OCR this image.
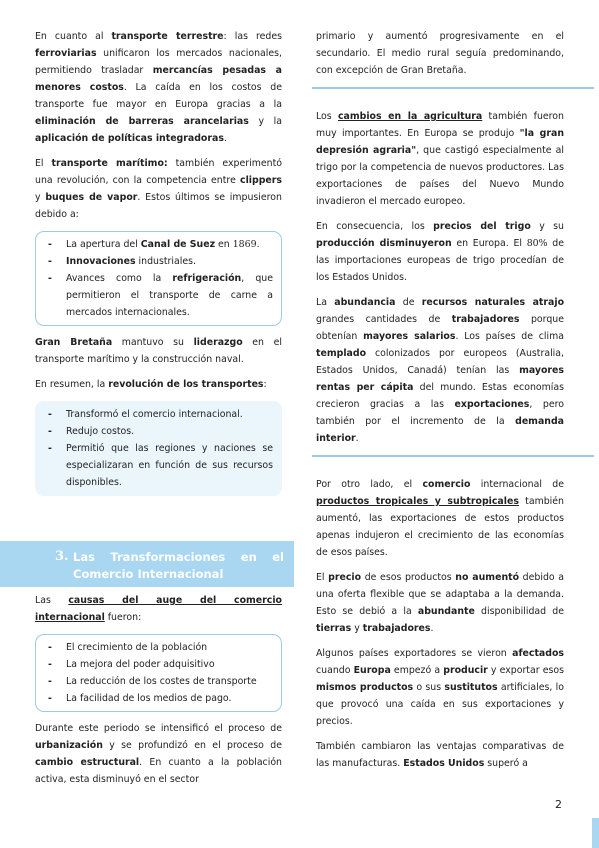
En cuanto al transporte terrestre: las redes ferroviarias unificaron los mercados nacionales, permitiendo trasladar mercancías pesadas a menores costos. La caída en los costos de transporte fue mayor en Europa gracias a la eliminación de barreras arancelarias y la aplicación de políticas integradoras.

El transporte marítimo: también experimentó una revolución, con la competencia entre clippers y buques de vapor. Estos últimos se impusieron debido a:

- La apertura del Canal de Suez en 1869.
- Innovaciones industriales.
- Avances como la refrigeración, que permitieron el transporte de carne a mercados internacionales.

Gran Bretaña mantuvo su liderazgo en el transporte marítimo y la construcción naval.

En resumen, la revolución de los transportes:

- Transformó el comercio internacional.
- Redujo costos.
- Permitió que las regiones y naciones se especializaran en función de sus recursos disponibles.
3. Las Transformaciones en el Comercio Internacional

Las causas del auge del comercio internacional fueron:

- El crecimiento de la población
- La mejora del poder adquisitivo
- La reducción de los costes de transporte
- La facilidad de los medios de pago.

Durante este periodo se intensificó el proceso de urbanización y se profundizó en el proceso de cambio estructural. En cuanto a la población activa, esta disminuyó en el sector

primario y aumentó progresivamente en el secundario. El medio rural seguía predominando, con excepción de Gran Bretaña.

Los cambios en la agricultura también fueron muy importantes. En Europa se produjo "la gran depresión agraria", que castigó especialmente al trigo por la competencia de nuevos productores. Las exportaciones de países del Nuevo Mundo invadieron el mercado europeo.

En consecuencia, los precios del trigo y su producción disminuyeron en Europa. El 80% de las importaciones europeas de trigo procedían de los Estados Unidos.

La abundancia de recursos naturales atrajo grandes cantidades de trabajadores porque obtenían mayores salarios. Los países de clima templado colonizados por europeos (Australia, Estados Unidos, Canadá) tenían las mayores rentas per cápita del mundo. Estas economías crecieron gracias a las exportaciones, pero también por el incremento de la demanda interior.

Por otro lado, el comercio internacional de productos tropicales y subtropicales también aumentó, las exportaciones de estos productos apenas indujeron el crecimiento de las economías de esos países.

El precio de esos productos no aumentó debido a una oferta flexible que se adaptaba a la demanda. Esto se debió a la abundante disponibilidad de tierras y trabajadores.

Algunos países exportadores se vieron afectados cuando Europa empezó a producir y exportar esos mismos productos o sus sustitutos artificiales, lo que provocó una caída en sus exportaciones y precios.

También cambiaron las ventajas comparativas de las manufacturas. Estados Unidos superó a

2
